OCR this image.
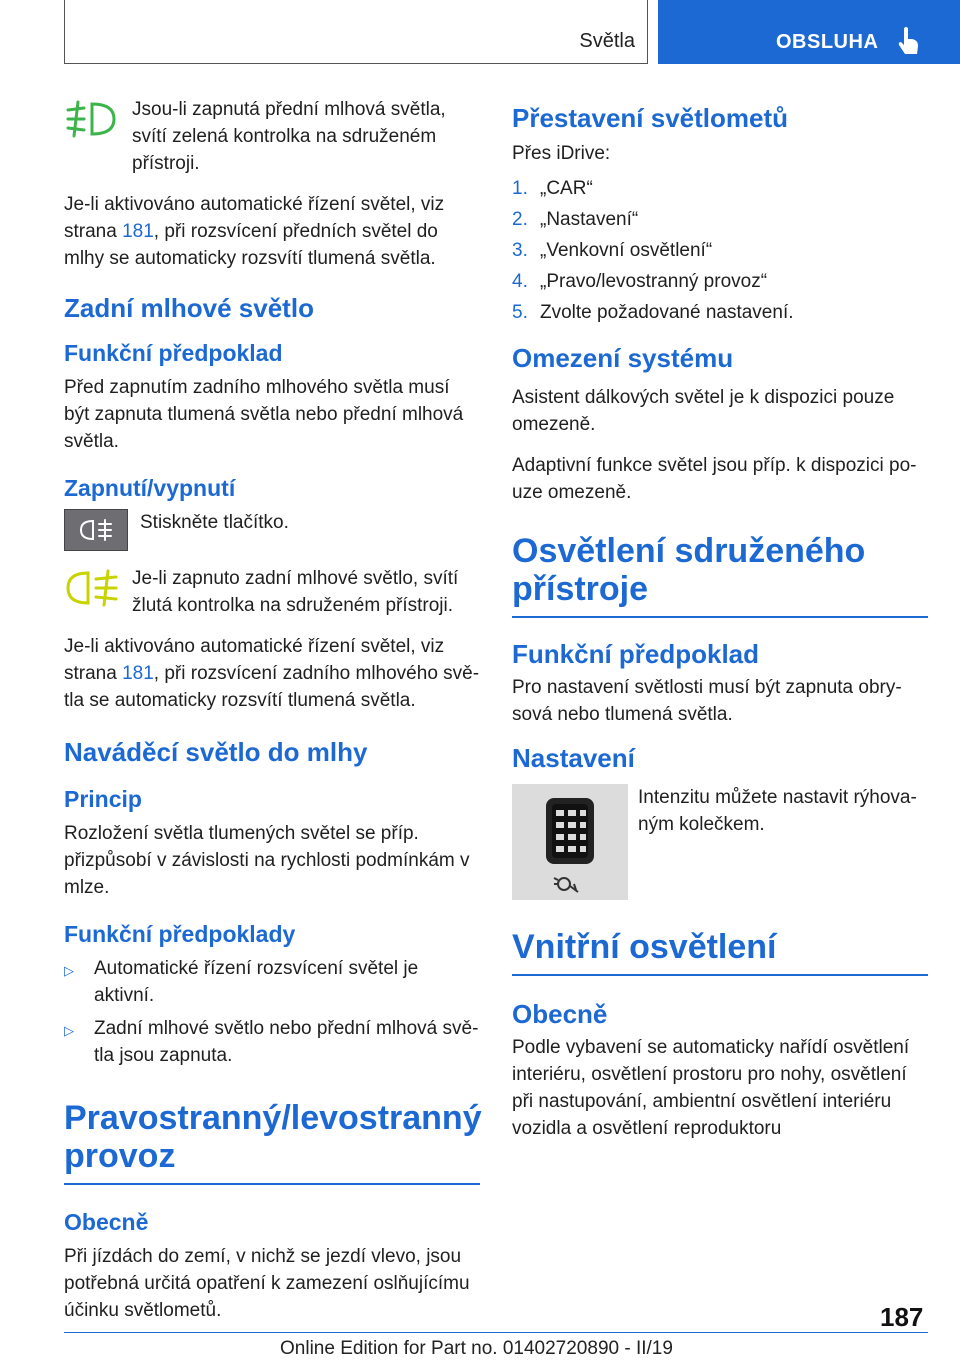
Světla	OBSLUHA

Jsou-li zapnutá přední mlhová světla, svítí zelená kontrolka na sdruženém přístroji.

Je-li aktivováno automatické řízení světel, viz strana 181, při rozsvícení předních světel do mlhy se automaticky rozsvítí tlumená světla.

Zadní mlhové světlo
Funkční předpoklad

Před zapnutím zadního mlhového světla musí být zapnuta tlumená světla nebo přední mlhová světla.

Zapnutí/vypnutí

Stiskněte tlačítko.

Je-li zapnuto zadní mlhové světlo, svítí žlutá kontrolka na sdruženém přístroji.

Je-li aktivováno automatické řízení světel, viz strana 181, při rozsvícení zadního mlhového světla se automaticky rozsvítí tlumená světla.

Naváděcí světlo do mlhy
Princip

Rozložení světla tlumených světel se příp. přizpůsobí v závislosti na rychlosti podmínkám v mlze.

Funkční předpoklady
▷	Automatické řízení rozsvícení světel je aktivní.
▷	Zadní mlhové světlo nebo přední mlhová světla jsou zapnuta.
Pravostranný/levostranný provoz
Obecně

Při jízdách do zemí, v nichž se jezdí vlevo, jsou potřebná určitá opatření k zamezení oslňujícímu účinku světlometů.

Přestavení světlometů

Přes iDrive:

1. „CAR“
2. „Nastavení“
3. „Venkovní osvětlení“
4. „Pravo/levostranný provoz“
5. Zvolte požadované nastavení.
Omezení systému

Asistent dálkových světel je k dispozici pouze omezeně.

Adaptivní funkce světel jsou příp. k dispozici pouze omezeně.

Osvětlení sdruženého přístroje
Funkční předpoklad

Pro nastavení světlosti musí být zapnuta obrysová nebo tlumená světla.

Nastavení

Intenzitu můžete nastavit rýhovaným kolečkem.

Vnitřní osvětlení
Obecně

Podle vybavení se automaticky nařídí osvětlení interiéru, osvětlení prostoru pro nohy, osvětlení při nastupování, ambientní osvětlení interiéru vozidla a osvětlení reproduktoru

187
Online Edition for Part no. 01402720890 - II/19
